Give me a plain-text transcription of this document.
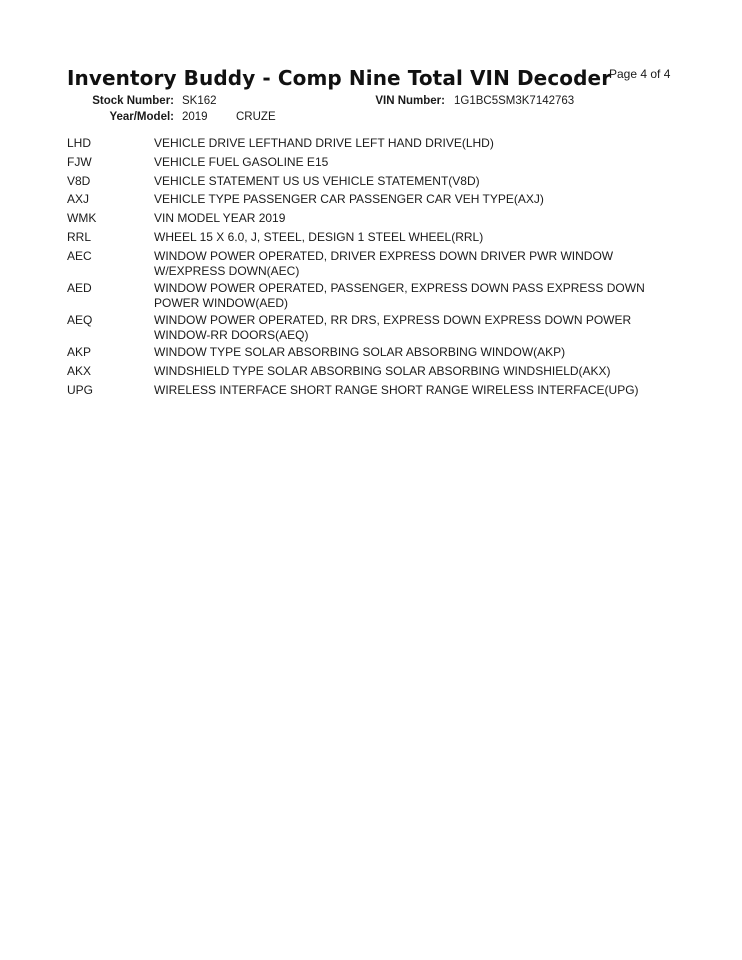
Inventory Buddy - Comp Nine Total VIN Decoder
Page 4 of 4
Stock Number: SK162	VIN Number: 1G1BC5SM3K7142763
Year/Model: 2019 CRUZE
LHD	VEHICLE DRIVE LEFTHAND DRIVE LEFT HAND DRIVE(LHD)
FJW	VEHICLE FUEL GASOLINE E15
V8D	VEHICLE STATEMENT US US VEHICLE STATEMENT(V8D)
AXJ	VEHICLE TYPE PASSENGER CAR PASSENGER CAR VEH TYPE(AXJ)
WMK	VIN MODEL YEAR 2019
RRL	WHEEL 15 X 6.0, J, STEEL, DESIGN 1 STEEL WHEEL(RRL)
AEC	WINDOW POWER OPERATED, DRIVER EXPRESS DOWN DRIVER PWR WINDOW
W/EXPRESS DOWN(AEC)
AED	WINDOW POWER OPERATED, PASSENGER, EXPRESS DOWN PASS EXPRESS DOWN
POWER WINDOW(AED)
AEQ	WINDOW POWER OPERATED, RR DRS, EXPRESS DOWN EXPRESS DOWN POWER
WINDOW-RR DOORS(AEQ)
AKP	WINDOW TYPE SOLAR ABSORBING SOLAR ABSORBING WINDOW(AKP)
AKX	WINDSHIELD TYPE SOLAR ABSORBING SOLAR ABSORBING WINDSHIELD(AKX)
UPG	WIRELESS INTERFACE SHORT RANGE SHORT RANGE WIRELESS INTERFACE(UPG)
